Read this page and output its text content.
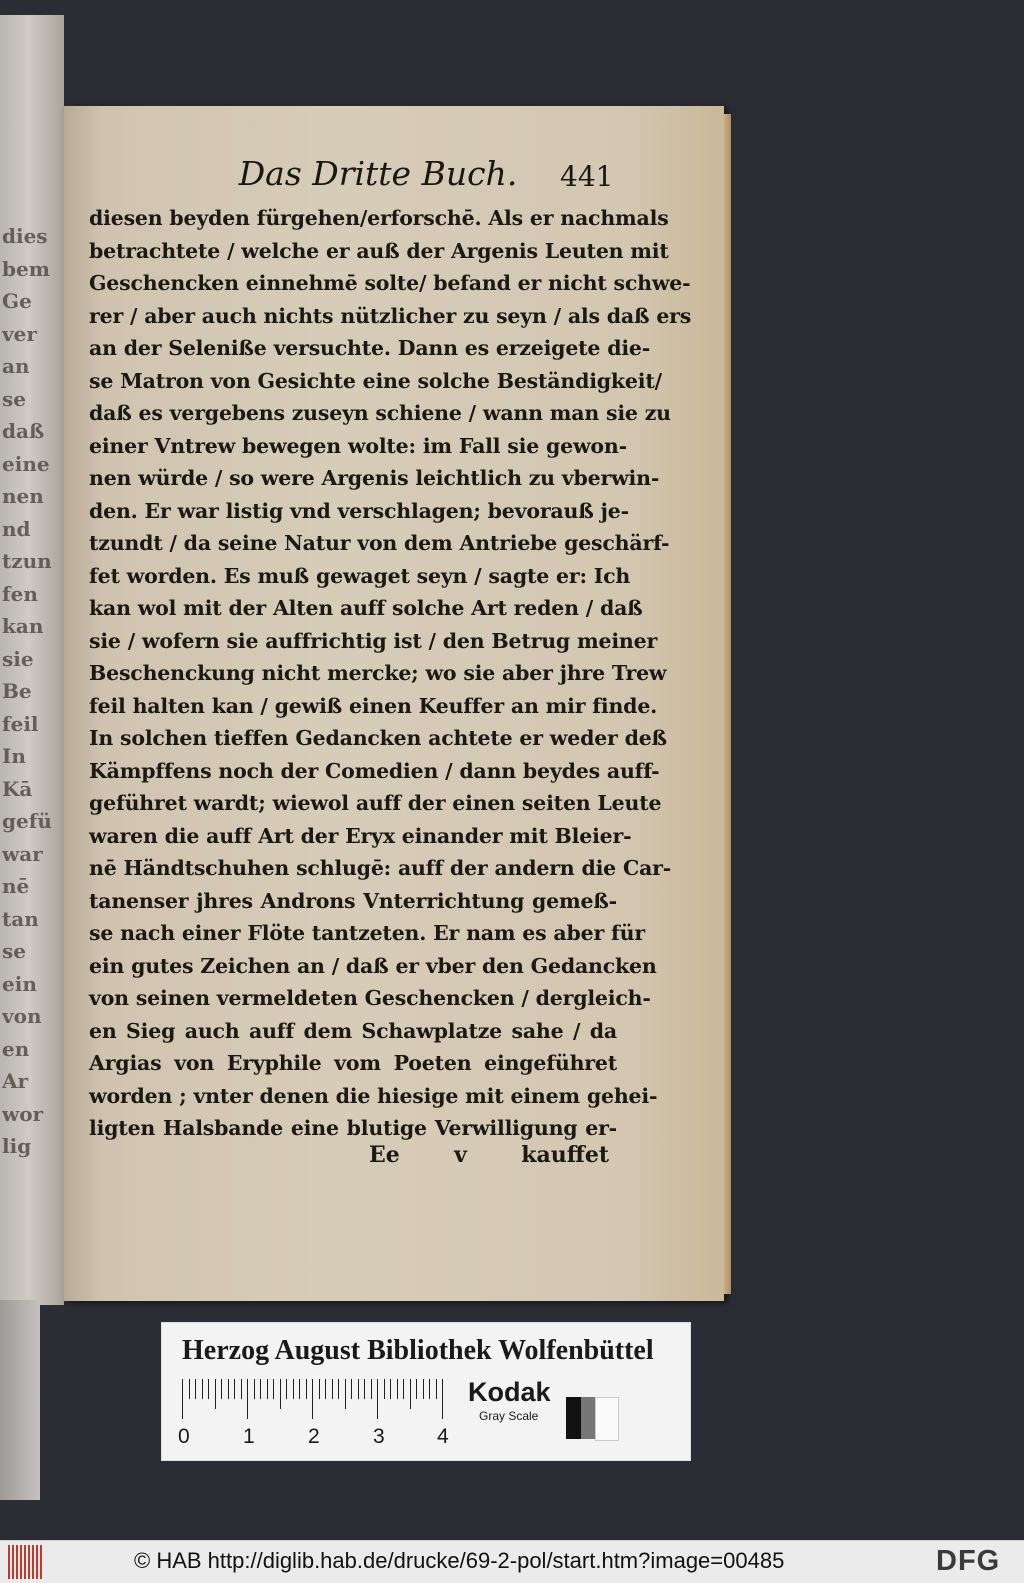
dies
bem
Ge
ver
an
se
daß
eine
nen
nd
tzun
fen
kan
sie
Be
feil
In
Kā
gefü
war
nē
tan
se
ein
von
en
Ar
wor
lig
Das Dritte Buch.	441
diesen beyden fürgehen/erforschē. Als er nachmals
betrachtete / welche er auß der Argenis Leuten mit
Geschencken einnehmē solte/ befand er nicht schwe-
rer / aber auch nichts nützlicher zu seyn / als daß ers
an der Seleniße versuchte. Dann es erzeigete die-
se Matron von Gesichte eine solche Beständigkeit/
daß es vergebens zuseyn schiene / wann man sie zu
einer Vntrew bewegen wolte: im Fall sie gewon-
nen würde / so were Argenis leichtlich zu vberwin-
den. Er war listig vnd verschlagen; bevorauß je-
tzundt / da seine Natur von dem Antriebe geschärf-
fet worden. Es muß gewaget seyn / sagte er: Ich
kan wol mit der Alten auff solche Art reden / daß
sie / wofern sie auffrichtig ist / den Betrug meiner
Beschenckung nicht mercke; wo sie aber jhre Trew
feil halten kan / gewiß einen Keuffer an mir finde.
In solchen tieffen Gedancken achtete er weder deß
Kämpffens noch der Comedien / dann beydes auff-
geführet wardt; wiewol auff der einen seiten Leute
waren die auff Art der Eryx einander mit Bleier-
nē Händtschuhen schlugē: auff der andern die Car-
tanenser jhres Androns Vnterrichtung gemeß-
se nach einer Flöte tantzeten. Er nam es aber für
ein gutes Zeichen an / daß er vber den Gedancken
von seinen vermeldeten Geschencken / dergleich-
en Sieg auch auff dem Schawplatze sahe / da
Argias von Eryphile vom Poeten eingeführet
worden ; vnter denen die hiesige mit einem gehei-
ligten Halsbande eine blutige Verwilligung er-
Ee v kauffet
Herzog August Bibliothek Wolfenbüttel
0	1	2	3 4
Kodak
Gray Scale
© HAB http://diglib.hab.de/drucke/69-2-pol/start.htm?image=00485	DFG
